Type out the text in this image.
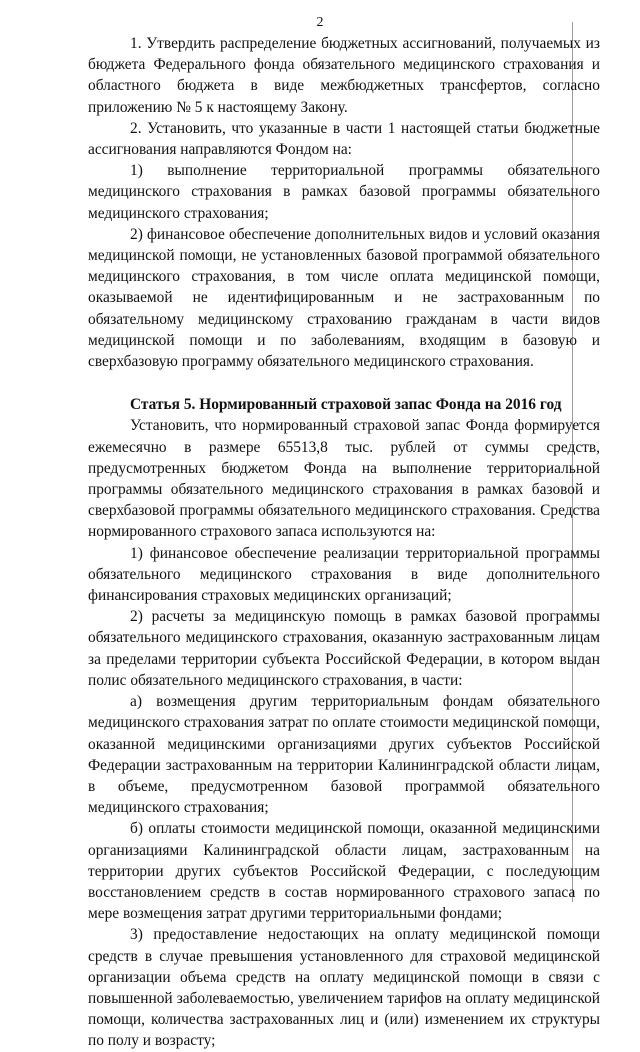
2

1. Утвердить распределение бюджетных ассигнований, получаемых из бюджета Федерального фонда обязательного медицинского страхования и областного бюджета в виде межбюджетных трансфертов, согласно приложению № 5 к настоящему Закону.

2. Установить, что указанные в части 1 настоящей статьи бюджетные ассигнования направляются Фондом на:

1) выполнение территориальной программы обязательного медицинского страхования в рамках базовой программы обязательного медицинского страхования;

2) финансовое обеспечение дополнительных видов и условий оказания медицинской помощи, не установленных базовой программой обязательного медицинского страхования, в том числе оплата медицинской помощи, оказываемой не идентифицированным и не застрахованным по обязательному медицинскому страхованию гражданам в части видов медицинской помощи и по заболеваниям, входящим в базовую и сверхбазовую программу обязательного медицинского страхования.

Статья 5. Нормированный страховой запас Фонда на 2016 год

Установить, что нормированный страховой запас Фонда формируется ежемесячно в размере 65513,8 тыс. рублей от суммы средств, предусмотренных бюджетом Фонда на выполнение территориальной программы обязательного медицинского страхования в рамках базовой и сверхбазовой программы обязательного медицинского страхования. Средства нормированного страхового запаса используются на:

1) финансовое обеспечение реализации территориальной программы обязательного медицинского страхования в виде дополнительного финансирования страховых медицинских организаций;

2) расчеты за медицинскую помощь в рамках базовой программы обязательного медицинского страхования, оказанную застрахованным лицам за пределами территории субъекта Российской Федерации, в котором выдан полис обязательного медицинского страхования, в части:

а) возмещения другим территориальным фондам обязательного медицинского страхования затрат по оплате стоимости медицинской помощи, оказанной медицинскими организациями других субъектов Российской Федерации застрахованным на территории Калининградской области лицам, в объеме, предусмотренном базовой программой обязательного медицинского страхования;

б) оплаты стоимости медицинской помощи, оказанной медицинскими организациями Калининградской области лицам, застрахованным на территории других субъектов Российской Федерации, с последующим восстановлением средств в состав нормированного страхового запаса по мере возмещения затрат другими территориальными фондами;

3) предоставление недостающих на оплату медицинской помощи средств в случае превышения установленного для страховой медицинской организации объема средств на оплату медицинской помощи в связи с повышенной заболеваемостью, увеличением тарифов на оплату медицинской помощи, количества застрахованных лиц и (или) изменением их структуры по полу и возрасту;
